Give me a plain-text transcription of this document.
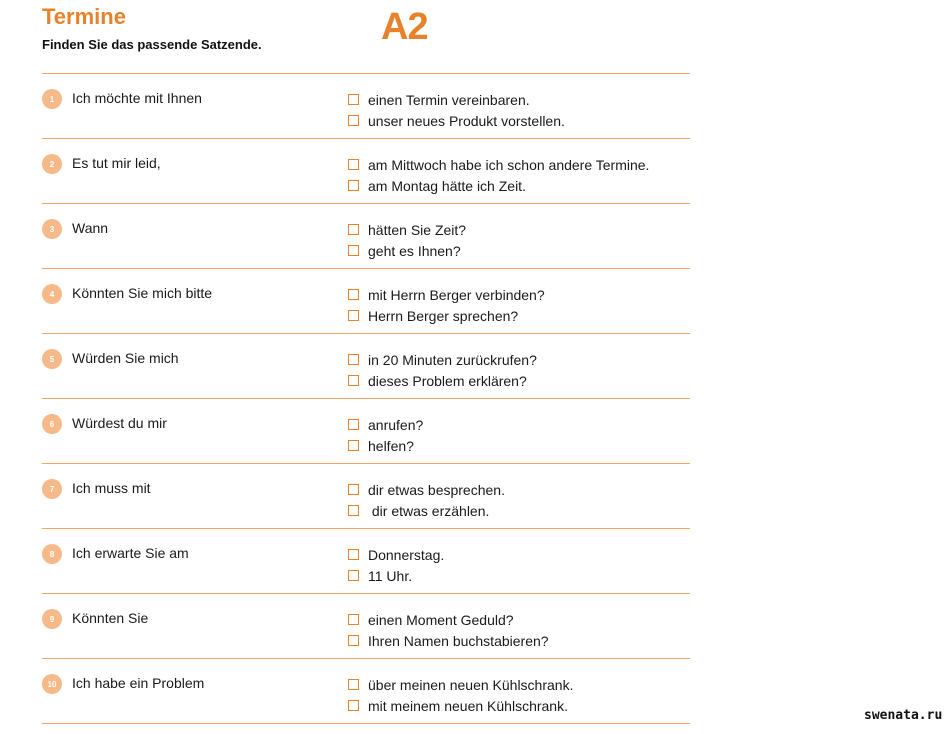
Termine	A2
Finden Sie das passende Satzende.
1	Ich möchte mit Ihnen	einen Termin vereinbaren.
unser neues Produkt vorstellen.
2	Es tut mir leid,	am Mittwoch habe ich schon andere Termine.
am Montag hätte ich Zeit.
3	Wann	hätten Sie Zeit?
geht es Ihnen?
4	Könnten Sie mich bitte	mit Herrn Berger verbinden?
Herrn Berger sprechen?
5	Würden Sie mich	in 20 Minuten zurückrufen?
dieses Problem erklären?
6	Würdest du mir	anrufen?
helfen?
7	Ich muss mit	dir etwas besprechen.
dir etwas erzählen.
8	Ich erwarte Sie am	Donnerstag.
11 Uhr.
9	Könnten Sie	einen Moment Geduld?
Ihren Namen buchstabieren?
10	Ich habe ein Problem	über meinen neuen Kühlschrank.
mit meinem neuen Kühlschrank.
swenata.ru
